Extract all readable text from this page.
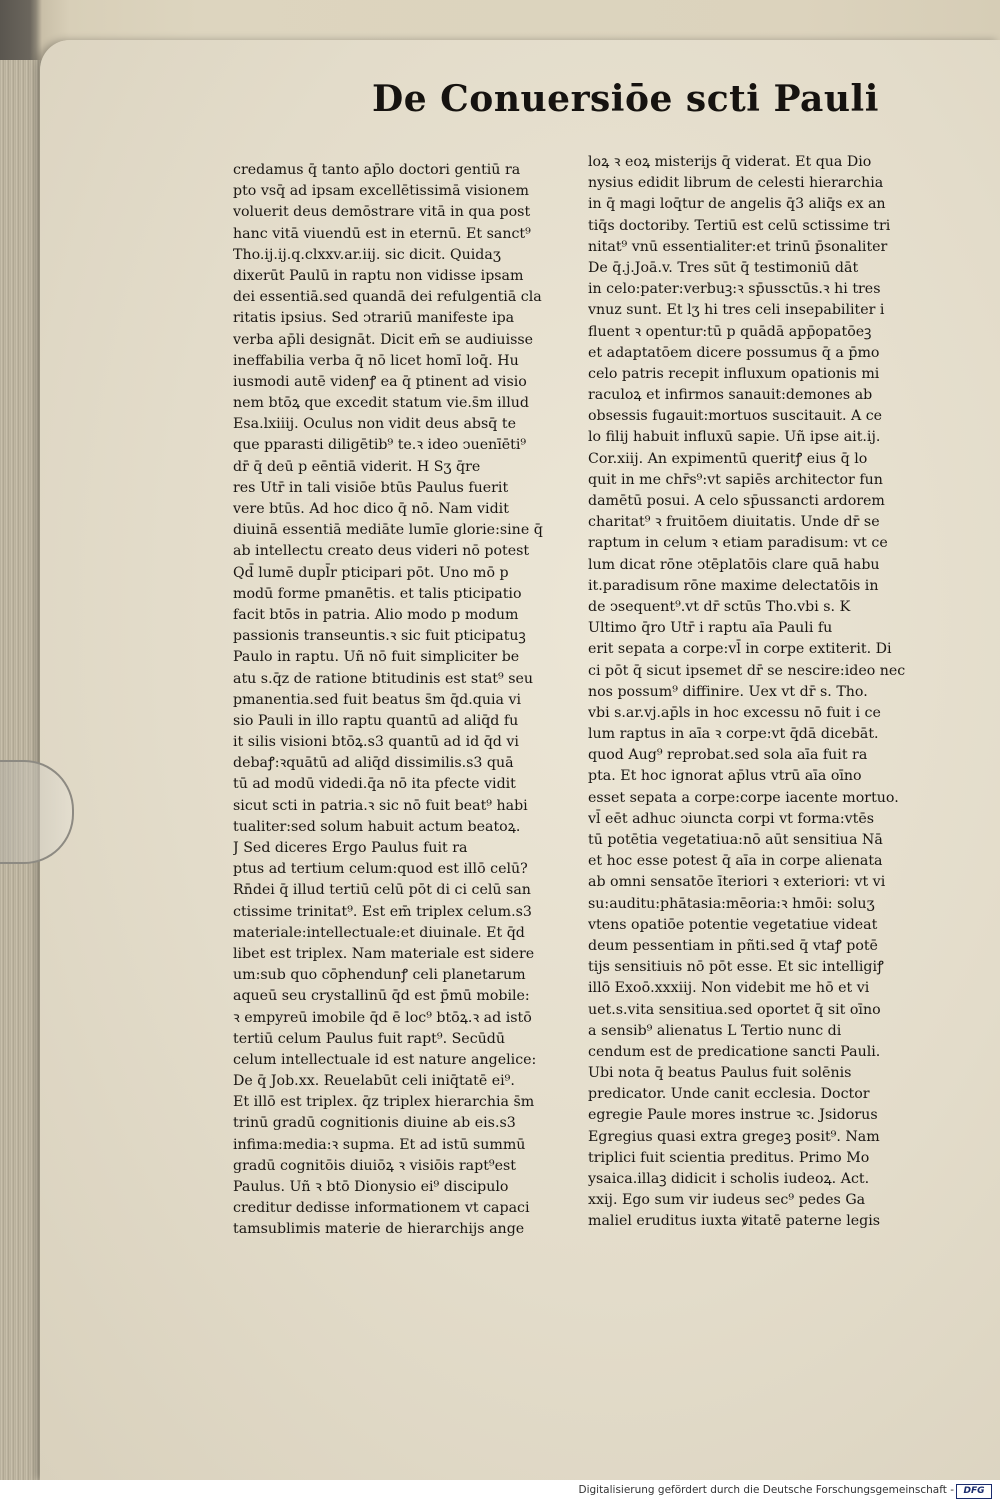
De Conuersiōe scti Pauli
credamus q̄ tanto ap̄lo doctori gentiū ra
pto vsq̄ ad ipsam excellētissimā visionem
voluerit deus demōstrare vitā in qua post
hanc vitā viuendū est in eternū. Et sanct⁹
Tho.ij.ij.q.clxxv.ar.iij. sic dicit. Quidaʒ
dixerūt Paulū in raptu non vidisse ipsam
dei essentiā.sed quandā dei refulgentiā cla
ritatis ipsius. Sed ↄtrariū manifeste ipa
verba ap̄li designāt. Dicit em̄ se audiuisse
ineffabilia verba q̄ nō licet homī loq̄. Hu
iusmodi autē videnꝭ ea q̄ ptinent ad visio
nem btōꝝ que excedit statum vie.s̄m illud
Esa.lxiiij. Oculus non vidit deus absq̄ te
que pparasti diligētib⁹ te.ꝛ ideo ↄuenīēti⁹
dr̄ q̄ deū p eēntiā viderit. H Sʒ q̄re
res Utr̄ in tali visiōe btūs Paulus fuerit
vere btūs. Ad hoc dico q̄ nō. Nam vidit
diuinā essentiā mediāte lumīe glorie:sine q̄
ab intellectu creato deus videri nō potest
Qd̄ lumē dupl̄r pticipari pōt. Uno mō p
modū forme pmanētis. et talis pticipatio
facit btōs in patria. Alio modo p modum
passionis transeuntis.ꝛ sic fuit pticipatuꝫ
Paulo in raptu. Uñ nō fuit simpliciter be
atu s.q̄z de ratione btitudinis est stat⁹ seu
pmanentia.sed fuit beatus s̄m q̄d.quia vi
sio Pauli in illo raptu quantū ad aliq̄d fu
it silis visioni btōꝝ.s3 quantū ad id q̄d vi
debaꝭ:ꝛquātū ad aliq̄d dissimilis.s3 quā
tū ad modū videdi.q̄a nō ita pfecte vidit
sicut scti in patria.ꝛ sic nō fuit beat⁹ habi
tualiter:sed solum habuit actum beatoꝝ.
J Sed diceres Ergo Paulus fuit ra
ptus ad tertium celum:quod est illō celū?
Rn̄dei q̄ illud tertiū celū pōt di ci celū san
ctissime trinitat⁹. Est em̄ triplex celum.s3
materiale:intellectuale:et diuinale. Et q̄d
libet est triplex. Nam materiale est sidere
um:sub quo cōphendunꝭ celi planetarum
aqueū seu crystallinū q̄d est p̄mū mobile:
ꝛ empyreū imobile q̄d ē loc⁹ btōꝝ.ꝛ ad istō
tertiū celum Paulus fuit rapt⁹. Secūdū
celum intellectuale id est nature angelice:
De q̄ Job.xx. Reuelabūt celi iniq̄tatē ei⁹.
Et illō est triplex. q̄z triplex hierarchia s̄m
trinū gradū cognitionis diuine ab eis.s3
infima:media:ꝛ supma. Et ad istū summū
gradū cognitōis diuiōꝝ ꝛ visiōis rapt⁹est
Paulus. Uñ ꝛ btō Dionysio ei⁹ discipulo
creditur dedisse informationem vt capaci
tamsublimis materie de hierarchijs ange
loꝝ ꝛ eoꝝ misterijs q̄ viderat. Et qua Dio
nysius edidit librum de celesti hierarchia
in q̄ magi loq̄tur de angelis q̄3 aliq̄s ex an
tiq̄s doctoriby. Tertiū est celū sctissime tri
nitat⁹ vnū essentialiter:et trinū p̄sonaliter
De q̄.j.Joā.v. Tres sūt q̄ testimoniū dāt
in celo:pater:verbuꝫ:ꝛ sp̄ussctūs.ꝛ hi tres
vnuz sunt. Et lʒ hi tres celi insepabiliter i
fluent ꝛ opentur:tū p quādā app̄opatōeꝫ
et adaptatōem dicere possumus q̄ a p̄mo
celo patris recepit influxum opationis mi
raculoꝝ et infirmos sanauit:demones ab
obsessis fugauit:mortuos suscitauit. A ce
lo filij habuit influxū sapie. Uñ ipse ait.ij.
Cor.xiij. An expimentū queritꝭ eius q̄ lo
quit in me chr̄s⁹:vt sapiēs architector fun
damētū posui. A celo sp̄ussancti ardorem
charitat⁹ ꝛ fruitōem diuitatis. Unde dr̄ se
raptum in celum ꝛ etiam paradisum: vt ce
lum dicat rōne ↄtēplatōis clare quā habu
it.paradisum rōne maxime delectatōis in
de ↄsequent⁹.vt dr̄ sctūs Tho.vbi s. K
Ultimo q̄ro Utr̄ i raptu aīa Pauli fu
erit sepata a corpe:vl̄ in corpe extiterit. Di
ci pōt q̄ sicut ipsemet dr̄ se nescire:ideo nec
nos possum⁹ diffinire. Uex vt dr̄ s. Tho.
vbi s.ar.vj.ap̄ls in hoc excessu nō fuit i ce
lum raptus in aīa ꝛ corpe:vt q̄dā dicebāt.
quod Aug⁹ reprobat.sed sola aīa fuit ra
pta. Et hoc ignorat ap̄lus vtrū aīa oīno
esset sepata a corpe:corpe iacente mortuo.
vl̄ eēt adhuc ↄiuncta corpi vt forma:vtēs
tū potētia vegetatiua:nō aūt sensitiua Nā
et hoc esse potest q̄ aīa in corpe alienata
ab omni sensatōe īteriori ꝛ exteriori: vt vi
su:auditu:phātasia:mēoria:ꝛ hmōi: soluʒ
vtens opatiōe potentie vegetatiue videat
deum pessentiam in pñti.sed q̄ vtaꝭ potē
tijs sensitiuis nō pōt esse. Et sic intelligiꝭ
illō Exoō.xxxiij. Non videbit me hō et vi
uet.s.vita sensitiua.sed oportet q̄ sit oīno
a sensib⁹ alienatus L Tertio nunc di
cendum est de predicatione sancti Pauli.
Ubi nota q̄ beatus Paulus fuit solēnis
predicator. Unde canit ecclesia. Doctor
egregie Paule mores instrue ꝛc. Jsidorus
Egregius quasi extra gregeꝫ posit⁹. Nam
triplici fuit scientia preditus. Primo Mo
ysaica.illaꝫ didicit i scholis iudeoꝝ. Act.
xxij. Ego sum vir iudeus sec⁹ pedes Ga
maliel eruditus iuxta ꝟitatē paterne legis
Digitalisierung gefördert durch die Deutsche Forschungsgemeinschaft -	DFG
